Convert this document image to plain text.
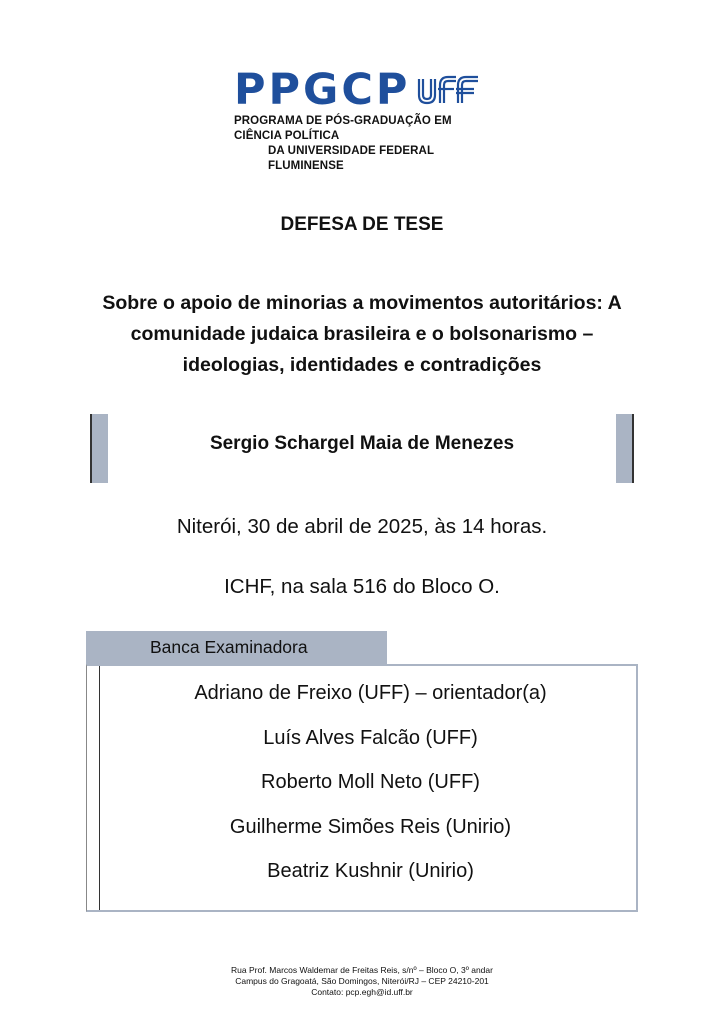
PPGCP
PROGRAMA DE PÓS-GRADUAÇÃO EM CIÊNCIA POLÍTICA
DA UNIVERSIDADE FEDERAL FLUMINENSE
DEFESA DE TESE
Sobre o apoio de minorias a movimentos autoritários: A comunidade judaica brasileira e o bolsonarismo – ideologias, identidades e contradições
Sergio Schargel Maia de Menezes
Niterói, 30 de abril de 2025, às 14 horas.
ICHF, na sala 516 do Bloco O.
Banca Examinadora
Adriano de Freixo (UFF) – orientador(a)
Luís Alves Falcão (UFF)
Roberto Moll Neto (UFF)
Guilherme Simões Reis (Unirio)
Beatriz Kushnir (Unirio)
Rua Prof. Marcos Waldemar de Freitas Reis, s/nº – Bloco O, 3º andar
Campus do Gragoatá, São Domingos, Niterói/RJ – CEP 24210-201
Contato: pcp.egh@id.uff.br
